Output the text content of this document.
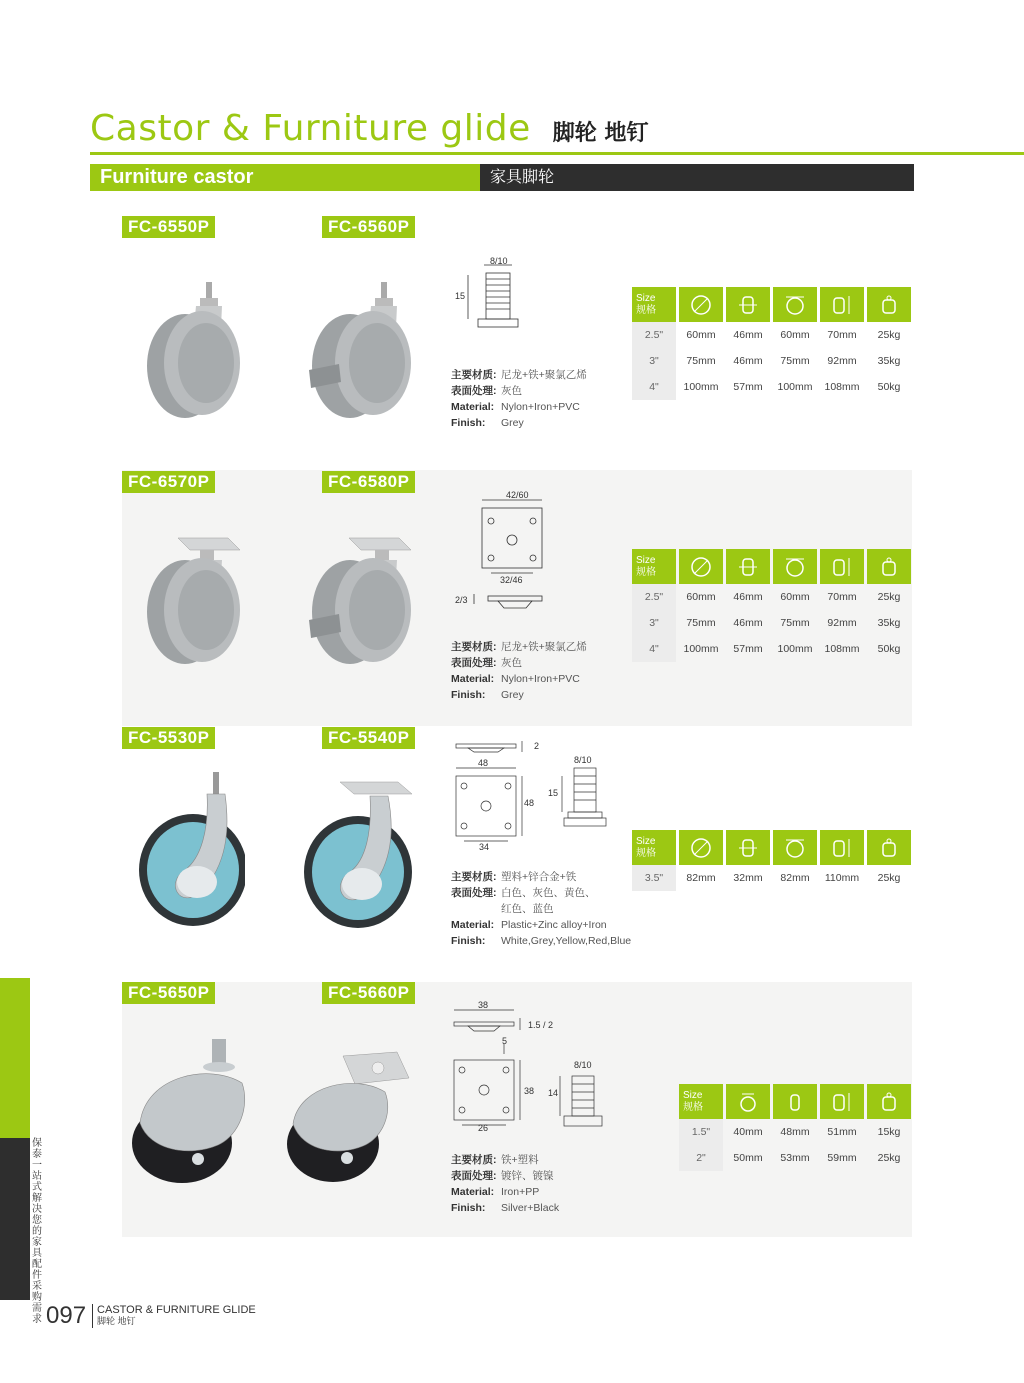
Castor & Furniture glide 脚轮 地钉
Furniture castor	家具脚轮
FC-6550P	FC-6560P
FC-6570P	FC-6580P
FC-5530P	FC-5540P
FC-5650P	FC-5660P
8/10
15
主要材质: 尼龙+铁+聚氯乙烯
表面处理: 灰色
Material: Nylon+Iron+PVC
Finish:	Grey
Size
规格
2.5"	60mm	46mm	60mm	70mm	25kg
3"	75mm	46mm	75mm	92mm	35kg
4"	100mm	57mm	100mm	108mm	50kg
42/60
32/46
2/3
主要材质: 尼龙+铁+聚氯乙烯
表面处理: 灰色
Material: Nylon+Iron+PVC
Finish:	Grey
Size
规格
2.5"	60mm	46mm	60mm	70mm	25kg
3"	75mm	46mm	75mm	92mm	35kg
4"	100mm	57mm	100mm	108mm	50kg
2
48
48
34
8/10
15
主要材质: 塑料+锌合金+铁
表面处理: 白色、灰色、黄色、
红色、蓝色
Material: Plastic+Zinc alloy+Iron
Finish:	White,Grey,Yellow,Red,Blue
Size
规格
3.5"	82mm	32mm	82mm	110mm	25kg
38
1.5 / 2
5
38
26
8/10
14
主要材质: 铁+塑料
表面处理: 镀锌、镀镍
Material: Iron+PP
Finish:	Silver+Black
Size
规格
1.5"	40mm	48mm	51mm	15kg
2"	50mm	53mm	59mm	25kg
保泰 一站式解决您的家具配件采购需求 097	CASTOR & FURNITURE GLIDE
脚轮 地钉
